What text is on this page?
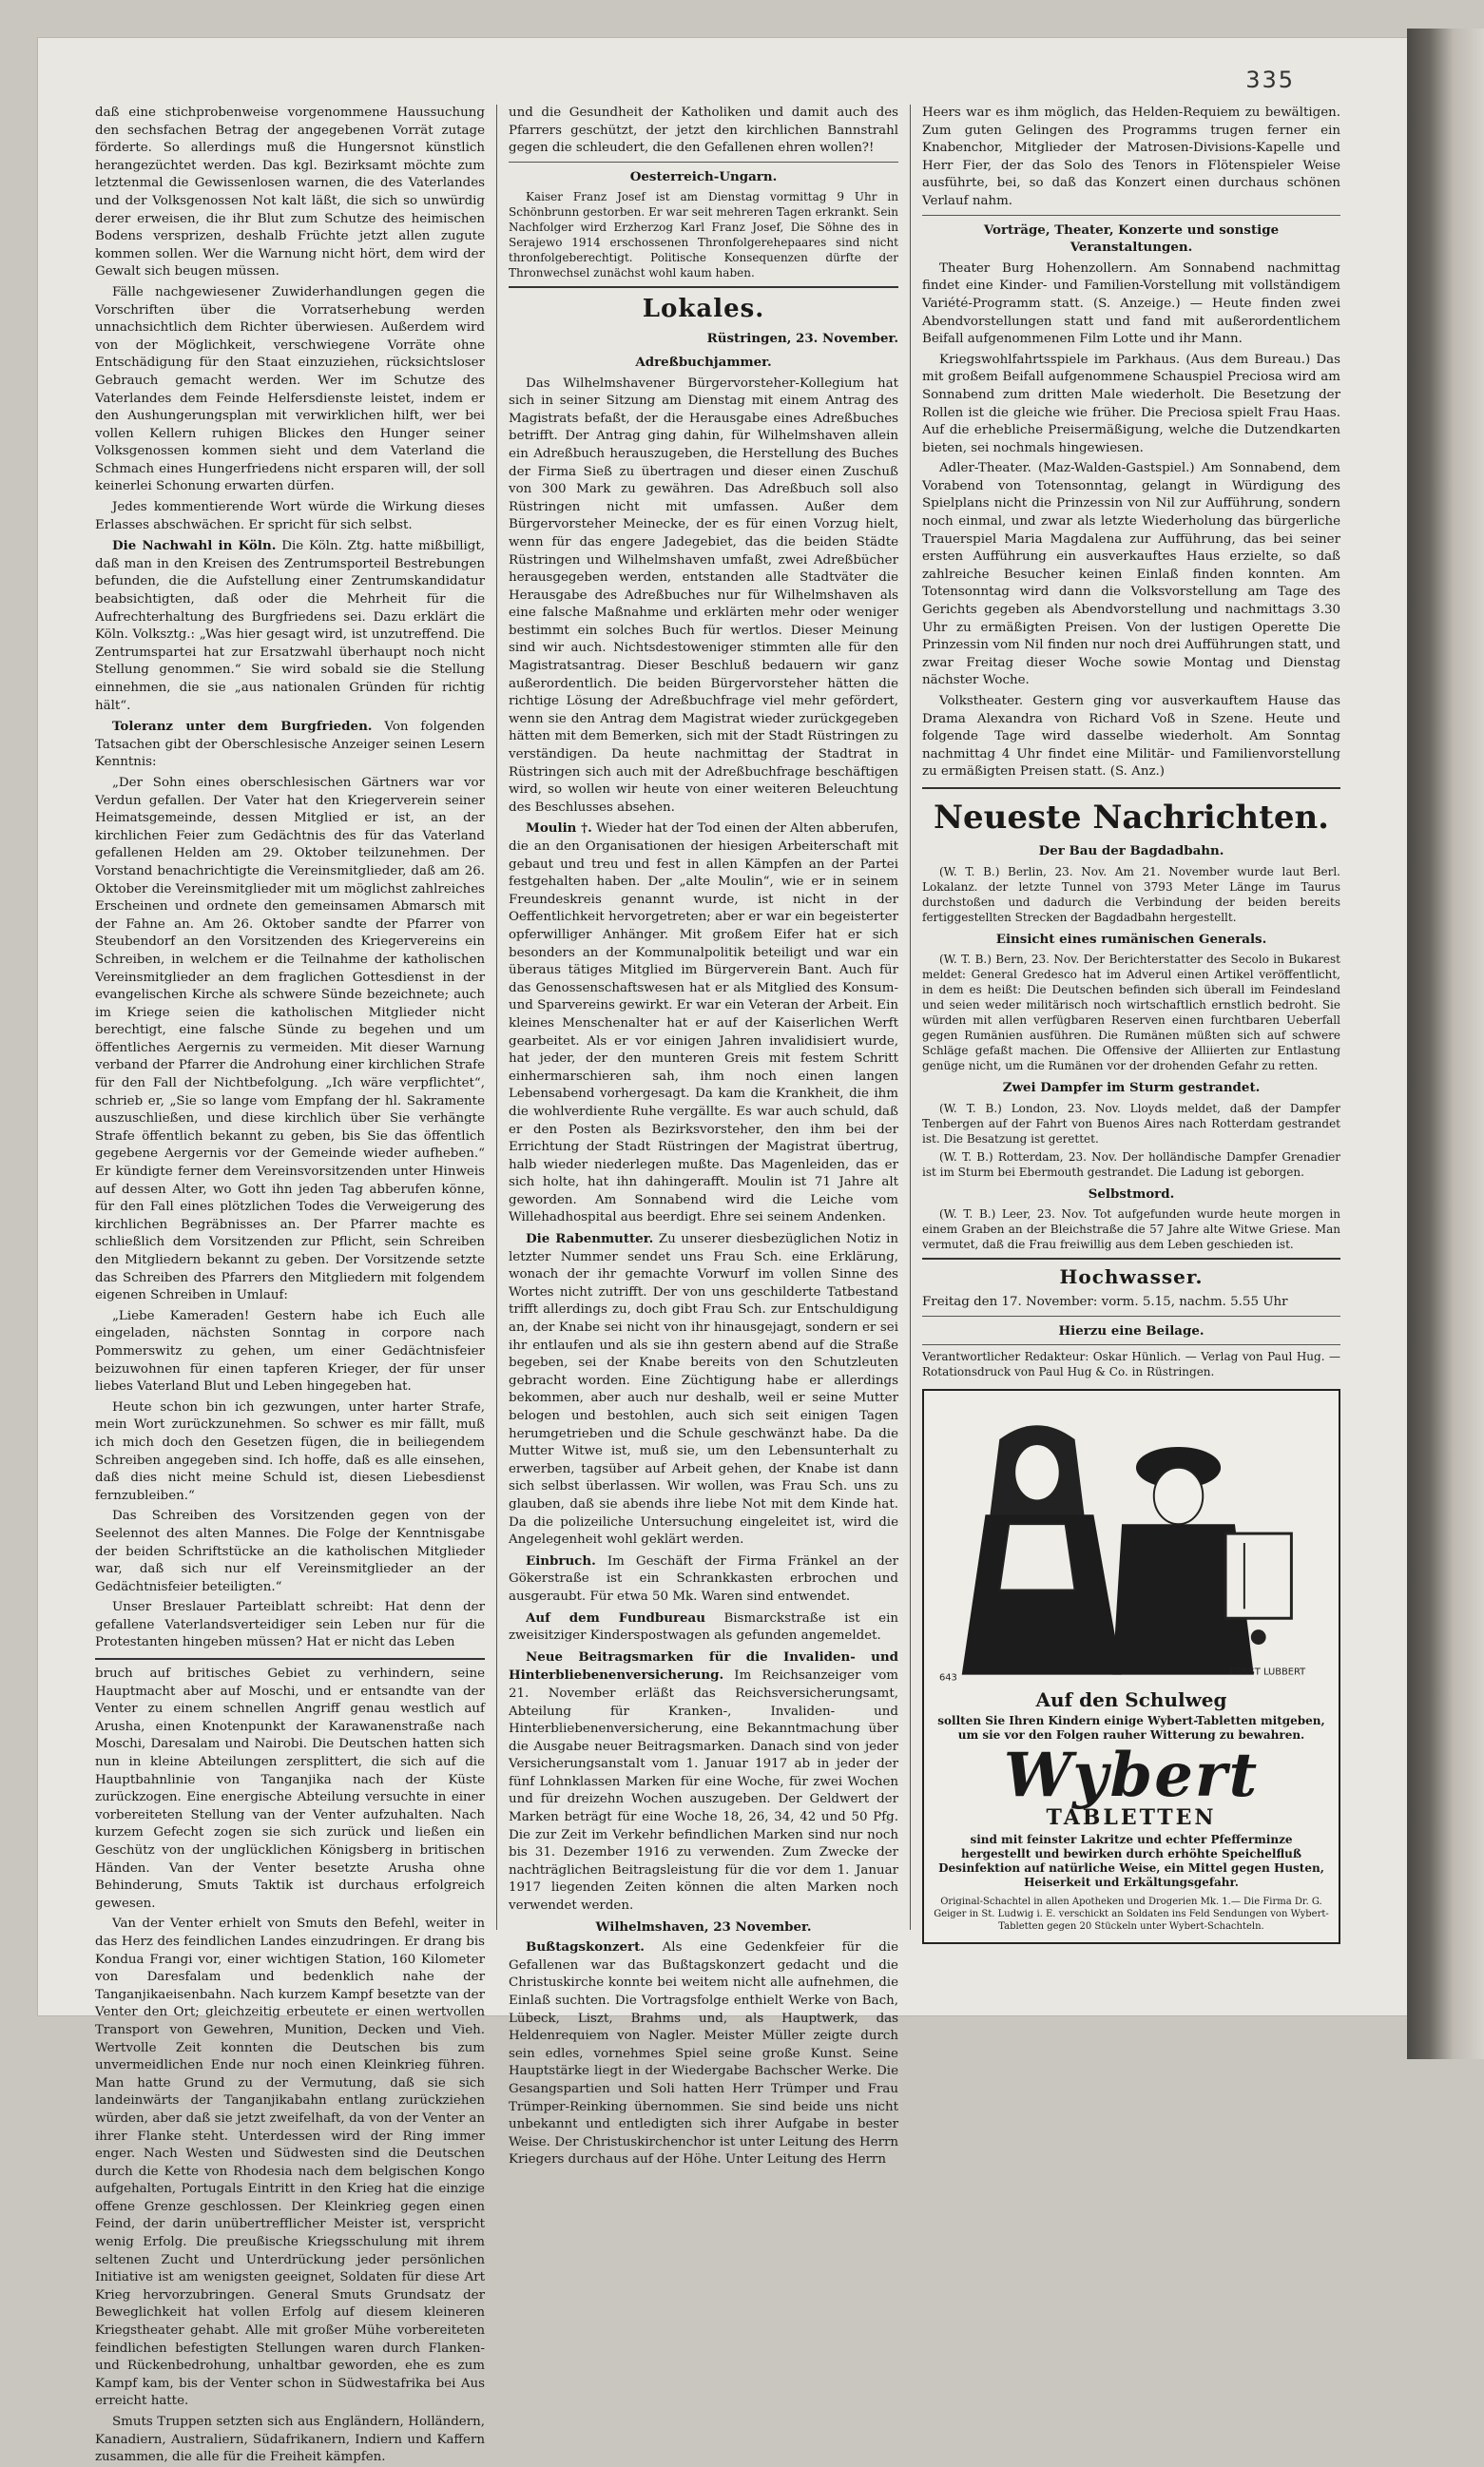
335

daß eine stichprobenweise vorgenommene Haussuchung den sechsfachen Betrag der angegebenen Vorrät zutage förderte. So allerdings muß die Hungersnot künstlich herangezüchtet werden. Das kgl. Bezirksamt möchte zum letztenmal die Gewissenlosen warnen, die des Vaterlandes und der Volksgenossen Not kalt läßt, die sich so unwürdig derer erweisen, die ihr Blut zum Schutze des heimischen Bodens versprizen, deshalb Früchte jetzt allen zugute kommen sollen. Wer die Warnung nicht hört, dem wird der Gewalt sich beugen müssen.

Fälle nachgewiesener Zuwiderhandlungen gegen die Vorschriften über die Vorratserhebung werden unnachsichtlich dem Richter überwiesen. Außerdem wird von der Möglichkeit, verschwiegene Vorräte ohne Entschädigung für den Staat einzuziehen, rücksichtsloser Gebrauch gemacht werden. Wer im Schutze des Vaterlandes dem Feinde Helfersdienste leistet, indem er den Aushungerungsplan mit verwirklichen hilft, wer bei vollen Kellern ruhigen Blickes den Hunger seiner Volksgenossen kommen sieht und dem Vaterland die Schmach eines Hungerfriedens nicht ersparen will, der soll keinerlei Schonung erwarten dürfen.

Jedes kommentierende Wort würde die Wirkung dieses Erlasses abschwächen. Er spricht für sich selbst.

Die Nachwahl in Köln. Die Köln. Ztg. hatte mißbilligt, daß man in den Kreisen des Zentrumsporteil Bestrebungen befunden, die die Aufstellung einer Zentrumskandidatur beabsichtigten, daß oder die Mehrheit für die Aufrechterhaltung des Burgfriedens sei. Dazu erklärt die Köln. Volksztg.: „Was hier gesagt wird, ist unzutreffend. Die Zentrumspartei hat zur Ersatzwahl überhaupt noch nicht Stellung genommen.“ Sie wird sobald sie die Stellung einnehmen, die sie „aus nationalen Gründen für richtig hält“.

Toleranz unter dem Burgfrieden. Von folgenden Tatsachen gibt der Oberschlesische Anzeiger seinen Lesern Kenntnis:

„Der Sohn eines oberschlesischen Gärtners war vor Verdun gefallen. Der Vater hat den Kriegerverein seiner Heimatsgemeinde, dessen Mitglied er ist, an der kirchlichen Feier zum Gedächtnis des für das Vaterland gefallenen Helden am 29. Oktober teilzunehmen. Der Vorstand benachrichtigte die Vereinsmitglieder, daß am 26. Oktober die Vereinsmitglieder mit um möglichst zahlreiches Erscheinen und ordnete den gemeinsamen Abmarsch mit der Fahne an. Am 26. Oktober sandte der Pfarrer von Steubendorf an den Vorsitzenden des Kriegervereins ein Schreiben, in welchem er die Teilnahme der katholischen Vereinsmitglieder an dem fraglichen Gottesdienst in der evangelischen Kirche als schwere Sünde bezeichnete; auch im Kriege seien die katholischen Mitglieder nicht berechtigt, eine falsche Sünde zu begehen und um öffentliches Aergernis zu vermeiden. Mit dieser Warnung verband der Pfarrer die Androhung einer kirchlichen Strafe für den Fall der Nichtbefolgung. „Ich wäre verpflichtet“, schrieb er, „Sie so lange vom Empfang der hl. Sakramente auszuschließen, und diese kirchlich über Sie verhängte Strafe öffentlich bekannt zu geben, bis Sie das öffentlich gegebene Aergernis vor der Gemeinde wieder aufheben.“ Er kündigte ferner dem Vereinsvorsitzenden unter Hinweis auf dessen Alter, wo Gott ihn jeden Tag abberufen könne, für den Fall eines plötzlichen Todes die Verweigerung des kirchlichen Begräbnisses an. Der Pfarrer machte es schließlich dem Vorsitzenden zur Pflicht, sein Schreiben den Mitgliedern bekannt zu geben. Der Vorsitzende setzte das Schreiben des Pfarrers den Mitgliedern mit folgendem eigenen Schreiben in Umlauf:

„Liebe Kameraden! Gestern habe ich Euch alle eingeladen, nächsten Sonntag in corpore nach Pommerswitz zu gehen, um einer Gedächtnisfeier beizuwohnen für einen tapferen Krieger, der für unser liebes Vaterland Blut und Leben hingegeben hat.

Heute schon bin ich gezwungen, unter harter Strafe, mein Wort zurückzunehmen. So schwer es mir fällt, muß ich mich doch den Gesetzen fügen, die in beiliegendem Schreiben angegeben sind. Ich hoffe, daß es alle einsehen, daß dies nicht meine Schuld ist, diesen Liebesdienst fernzubleiben.“

Das Schreiben des Vorsitzenden gegen von der Seelennot des alten Mannes. Die Folge der Kenntnisgabe der beiden Schriftstücke an die katholischen Mitglieder war, daß sich nur elf Vereinsmitglieder an der Gedächtnisfeier beteiligten.“

Unser Breslauer Parteiblatt schreibt: Hat denn der gefallene Vaterlandsverteidiger sein Leben nur für die Protestanten hingeben müssen? Hat er nicht das Leben

bruch auf britisches Gebiet zu verhindern, seine Hauptmacht aber auf Moschi, und er entsandte van der Venter zu einem schnellen Angriff genau westlich auf Arusha, einen Knotenpunkt der Karawanenstraße nach Moschi, Daresalam und Nairobi. Die Deutschen hatten sich nun in kleine Abteilungen zersplittert, die sich auf die Hauptbahnlinie von Tanganjika nach der Küste zurückzogen. Eine energische Abteilung versuchte in einer vorbereiteten Stellung van der Venter aufzuhalten. Nach kurzem Gefecht zogen sie sich zurück und ließen ein Geschütz von der unglücklichen Königsberg in britischen Händen. Van der Venter besetzte Arusha ohne Behinderung, Smuts Taktik ist durchaus erfolgreich gewesen.

Van der Venter erhielt von Smuts den Befehl, weiter in das Herz des feindlichen Landes einzudringen. Er drang bis Kondua Frangi vor, einer wichtigen Station, 160 Kilometer von Daresfalam und bedenklich nahe der Tanganjikaeisenbahn. Nach kurzem Kampf besetzte van der Venter den Ort; gleichzeitig erbeutete er einen wertvollen Transport von Gewehren, Munition, Decken und Vieh. Wertvolle Zeit konnten die Deutschen bis zum unvermeidlichen Ende nur noch einen Kleinkrieg führen. Man hatte Grund zu der Vermutung, daß sie sich landeinwärts der Tanganjikabahn entlang zurückziehen würden, aber daß sie jetzt zweifelhaft, da von der Venter an ihrer Flanke steht. Unterdessen wird der Ring immer enger. Nach Westen und Südwesten sind die Deutschen durch die Kette von Rhodesia nach dem belgischen Kongo aufgehalten, Portugals Eintritt in den Krieg hat die einzige offene Grenze geschlossen. Der Kleinkrieg gegen einen Feind, der darin unübertrefflicher Meister ist, verspricht wenig Erfolg. Die preußische Kriegsschulung mit ihrem seltenen Zucht und Unterdrückung jeder persönlichen Initiative ist am wenigsten geeignet, Soldaten für diese Art Krieg hervorzubringen. General Smuts Grundsatz der Beweglichkeit hat vollen Erfolg auf diesem kleineren Kriegstheater gehabt. Alle mit großer Mühe vorbereiteten feindlichen befestigten Stellungen waren durch Flanken- und Rückenbedrohung, unhaltbar geworden, ehe es zum Kampf kam, bis der Venter schon in Südwestafrika bei Aus erreicht hatte.

Smuts Truppen setzten sich aus Engländern, Holländern, Kanadiern, Australiern, Südafrikanern, Indiern und Kaffern zusammen, die alle für die Freiheit kämpfen.

und die Gesundheit der Katholiken und damit auch des Pfarrers geschützt, der jetzt den kirchlichen Bannstrahl gegen die schleudert, die den Gefallenen ehren wollen?!

Oesterreich-Ungarn.

Kaiser Franz Josef ist am Dienstag vormittag 9 Uhr in Schönbrunn gestorben. Er war seit mehreren Tagen erkrankt. Sein Nachfolger wird Erzherzog Karl Franz Josef, Die Söhne des in Serajewo 1914 erschossenen Thronfolgerehepaares sind nicht thronfolgeberechtigt. Politische Konsequenzen dürfte der Thronwechsel zunächst wohl kaum haben.

Lokales.

Rüstringen, 23. November.

Adreßbuchjammer.

Das Wilhelmshavener Bürgervorsteher-Kollegium hat sich in seiner Sitzung am Dienstag mit einem Antrag des Magistrats befaßt, der die Herausgabe eines Adreßbuches betrifft. Der Antrag ging dahin, für Wilhelmshaven allein ein Adreßbuch herauszugeben, die Herstellung des Buches der Firma Sieß zu übertragen und dieser einen Zuschuß von 300 Mark zu gewähren. Das Adreßbuch soll also Rüstringen nicht mit umfassen. Außer dem Bürgervorsteher Meinecke, der es für einen Vorzug hielt, wenn für das engere Jadegebiet, das die beiden Städte Rüstringen und Wilhelmshaven umfaßt, zwei Adreßbücher herausgegeben werden, entstanden alle Stadtväter die Herausgabe des Adreßbuches nur für Wilhelmshaven als eine falsche Maßnahme und erklärten mehr oder weniger bestimmt ein solches Buch für wertlos. Dieser Meinung sind wir auch. Nichtsdestoweniger stimmten alle für den Magistratsantrag. Dieser Beschluß bedauern wir ganz außerordentlich. Die beiden Bürgervorsteher hätten die richtige Lösung der Adreßbuchfrage viel mehr gefördert, wenn sie den Antrag dem Magistrat wieder zurückgegeben hätten mit dem Bemerken, sich mit der Stadt Rüstringen zu verständigen. Da heute nachmittag der Stadtrat in Rüstringen sich auch mit der Adreßbuchfrage beschäftigen wird, so wollen wir heute von einer weiteren Beleuchtung des Beschlusses absehen.

Moulin †. Wieder hat der Tod einen der Alten abberufen, die an den Organisationen der hiesigen Arbeiterschaft mit gebaut und treu und fest in allen Kämpfen an der Partei festgehalten haben. Der „alte Moulin“, wie er in seinem Freundeskreis genannt wurde, ist nicht in der Oeffentlichkeit hervorgetreten; aber er war ein begeisterter opferwilliger Anhänger. Mit großem Eifer hat er sich besonders an der Kommunalpolitik beteiligt und war ein überaus tätiges Mitglied im Bürgerverein Bant. Auch für das Genossenschaftswesen hat er als Mitglied des Konsum- und Sparvereins gewirkt. Er war ein Veteran der Arbeit. Ein kleines Menschenalter hat er auf der Kaiserlichen Werft gearbeitet. Als er vor einigen Jahren invalidisiert wurde, hat jeder, der den munteren Greis mit festem Schritt einhermarschieren sah, ihm noch einen langen Lebensabend vorhergesagt. Da kam die Krankheit, die ihm die wohlverdiente Ruhe vergällte. Es war auch schuld, daß er den Posten als Bezirksvorsteher, den ihm bei der Errichtung der Stadt Rüstringen der Magistrat übertrug, halb wieder niederlegen mußte. Das Magenleiden, das er sich holte, hat ihn dahingerafft. Moulin ist 71 Jahre alt geworden. Am Sonnabend wird die Leiche vom Willehadhospital aus beerdigt. Ehre sei seinem Andenken.

Die Rabenmutter. Zu unserer diesbezüglichen Notiz in letzter Nummer sendet uns Frau Sch. eine Erklärung, wonach der ihr gemachte Vorwurf im vollen Sinne des Wortes nicht zutrifft. Der von uns geschilderte Tatbestand trifft allerdings zu, doch gibt Frau Sch. zur Entschuldigung an, der Knabe sei nicht von ihr hinausgejagt, sondern er sei ihr entlaufen und als sie ihn gestern abend auf die Straße begeben, sei der Knabe bereits von den Schutzleuten gebracht worden. Eine Züchtigung habe er allerdings bekommen, aber auch nur deshalb, weil er seine Mutter belogen und bestohlen, auch sich seit einigen Tagen herumgetrieben und die Schule geschwänzt habe. Da die Mutter Witwe ist, muß sie, um den Lebensunterhalt zu erwerben, tagsüber auf Arbeit gehen, der Knabe ist dann sich selbst überlassen. Wir wollen, was Frau Sch. uns zu glauben, daß sie abends ihre liebe Not mit dem Kinde hat. Da die polizeiliche Untersuchung eingeleitet ist, wird die Angelegenheit wohl geklärt werden.

Einbruch. Im Geschäft der Firma Fränkel an der Gökerstraße ist ein Schrankkasten erbrochen und ausgeraubt. Für etwa 50 Mk. Waren sind entwendet.

Auf dem Fundbureau Bismarckstraße ist ein zweisitziger Kinderspostwagen als gefunden angemeldet.

Neue Beitragsmarken für die Invaliden- und Hinterbliebenenversicherung. Im Reichsanzeiger vom 21. November erläßt das Reichsversicherungsamt, Abteilung für Kranken-, Invaliden- und Hinterbliebenenversicherung, eine Bekanntmachung über die Ausgabe neuer Beitragsmarken. Danach sind von jeder Versicherungsanstalt vom 1. Januar 1917 ab in jeder der fünf Lohnklassen Marken für eine Woche, für zwei Wochen und für dreizehn Wochen auszugeben. Der Geldwert der Marken beträgt für eine Woche 18, 26, 34, 42 und 50 Pfg. Die zur Zeit im Verkehr befindlichen Marken sind nur noch bis 31. Dezember 1916 zu verwenden. Zum Zwecke der nachträglichen Beitragsleistung für die vor dem 1. Januar 1917 liegenden Zeiten können die alten Marken noch verwendet werden.

Wilhelmshaven, 23 November.

Bußtagskonzert. Als eine Gedenkfeier für die Gefallenen war das Bußtagskonzert gedacht und die Christuskirche konnte bei weitem nicht alle aufnehmen, die Einlaß suchten. Die Vortragsfolge enthielt Werke von Bach, Lübeck, Liszt, Brahms und, als Hauptwerk, das Heldenrequiem von Nagler. Meister Müller zeigte durch sein edles, vornehmes Spiel seine große Kunst. Seine Hauptstärke liegt in der Wiedergabe Bachscher Werke. Die Gesangspartien und Soli hatten Herr Trümper und Frau Trümper-Reinking übernommen. Sie sind beide uns nicht unbekannt und entledigten sich ihrer Aufgabe in bester Weise. Der Christuskirchenchor ist unter Leitung des Herrn Kriegers durchaus auf der Höhe. Unter Leitung des Herrn

Heers war es ihm möglich, das Helden-Requiem zu bewältigen. Zum guten Gelingen des Programms trugen ferner ein Knabenchor, Mitglieder der Matrosen-Divisions-Kapelle und Herr Fier, der das Solo des Tenors in Flötenspieler Weise ausführte, bei, so daß das Konzert einen durchaus schönen Verlauf nahm.

Vorträge, Theater, Konzerte und sonstige Veranstaltungen.

Theater Burg Hohenzollern. Am Sonnabend nachmittag findet eine Kinder- und Familien-Vorstellung mit vollständigem Variété-Programm statt. (S. Anzeige.) — Heute finden zwei Abendvorstellungen statt und fand mit außerordentlichem Beifall aufgenommenen Film Lotte und ihr Mann.

Kriegswohlfahrtsspiele im Parkhaus. (Aus dem Bureau.) Das mit großem Beifall aufgenommene Schauspiel Preciosa wird am Sonnabend zum dritten Male wiederholt. Die Besetzung der Rollen ist die gleiche wie früher. Die Preciosa spielt Frau Haas. Auf die erhebliche Preisermäßigung, welche die Dutzendkarten bieten, sei nochmals hingewiesen.

Adler-Theater. (Maz-Walden-Gastspiel.) Am Sonnabend, dem Vorabend von Totensonntag, gelangt in Würdigung des Spielplans nicht die Prinzessin von Nil zur Aufführung, sondern noch einmal, und zwar als letzte Wiederholung das bürgerliche Trauerspiel Maria Magdalena zur Aufführung, das bei seiner ersten Aufführung ein ausverkauftes Haus erzielte, so daß zahlreiche Besucher keinen Einlaß finden konnten. Am Totensonntag wird dann die Volksvorstellung am Tage des Gerichts gegeben als Abendvorstellung und nachmittags 3.30 Uhr zu ermäßigten Preisen. Von der lustigen Operette Die Prinzessin vom Nil finden nur noch drei Aufführungen statt, und zwar Freitag dieser Woche sowie Montag und Dienstag nächster Woche.

Volkstheater. Gestern ging vor ausverkauftem Hause das Drama Alexandra von Richard Voß in Szene. Heute und folgende Tage wird dasselbe wiederholt. Am Sonntag nachmittag 4 Uhr findet eine Militär- und Familienvorstellung zu ermäßigten Preisen statt. (S. Anz.)

Neueste Nachrichten.

Der Bau der Bagdadbahn.

(W. T. B.) Berlin, 23. Nov. Am 21. November wurde laut Berl. Lokalanz. der letzte Tunnel von 3793 Meter Länge im Taurus durchstoßen und dadurch die Verbindung der beiden bereits fertiggestellten Strecken der Bagdadbahn hergestellt.

Einsicht eines rumänischen Generals.

(W. T. B.) Bern, 23. Nov. Der Berichterstatter des Secolo in Bukarest meldet: General Gredesco hat im Adverul einen Artikel veröffentlicht, in dem es heißt: Die Deutschen befinden sich überall im Feindesland und seien weder militärisch noch wirtschaftlich ernstlich bedroht. Sie würden mit allen verfügbaren Reserven einen furchtbaren Ueberfall gegen Rumänien ausführen. Die Rumänen müßten sich auf schwere Schläge gefaßt machen. Die Offensive der Alliierten zur Entlastung genüge nicht, um die Rumänen vor der drohenden Gefahr zu retten.

Zwei Dampfer im Sturm gestrandet.

(W. T. B.) London, 23. Nov. Lloyds meldet, daß der Dampfer Tenbergen auf der Fahrt von Buenos Aires nach Rotterdam gestrandet ist. Die Besatzung ist gerettet.

(W. T. B.) Rotterdam, 23. Nov. Der holländische Dampfer Grenadier ist im Sturm bei Ebermouth gestrandet. Die Ladung ist geborgen.

Selbstmord.

(W. T. B.) Leer, 23. Nov. Tot aufgefunden wurde heute morgen in einem Graben an der Bleichstraße die 57 Jahre alte Witwe Griese. Man vermutet, daß die Frau freiwillig aus dem Leben geschieden ist.

Hochwasser.

Freitag den 17. November: vorm. 5.15, nachm. 5.55 Uhr

Hierzu eine Beilage.

Verantwortlicher Redakteur: Oskar Hünlich. — Verlag von Paul Hug. — Rotationsdruck von Paul Hug & Co. in Rüstringen.

ERNST LUBBERT
643
Auf den Schulweg
sollten Sie Ihren Kindern einige Wybert-Tabletten mitgeben, um sie vor den Folgen rauher Witterung zu bewahren.
Wybert
TABLETTEN
sind mit feinster Lakritze und echter Pfefferminze hergestellt und bewirken durch erhöhte Speichelfluß Desinfektion auf natürliche Weise, ein Mittel gegen Husten, Heiserkeit und Erkältungsgefahr.
Original-Schachtel in allen Apotheken und Drogerien Mk. 1.— Die Firma Dr. G. Geiger in St. Ludwig i. E. verschickt an Soldaten ins Feld Sendungen von Wybert-Tabletten gegen 20 Stückeln unter Wybert-Schachteln.
